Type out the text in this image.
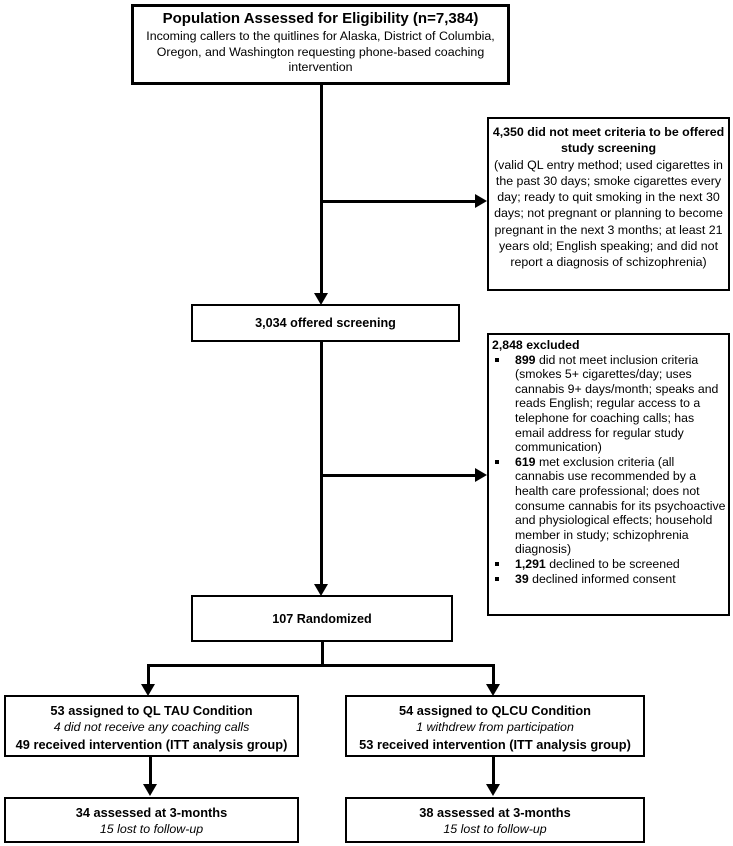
Population Assessed for Eligibility (n=7,384)
Incoming callers to the quitlines for Alaska, District of Columbia, Oregon, and Washington requesting phone-based coaching intervention
4,350 did not meet criteria to be offered study screening
(valid QL entry method; used cigarettes in the past 30 days; smoke cigarettes every day; ready to quit smoking in the next 30 days; not pregnant or planning to become pregnant in the next 3 months; at least 21 years old; English speaking; and did not report a diagnosis of schizophrenia)
3,034 offered screening
2,848 excluded
899 did not meet inclusion criteria (smokes 5+ cigarettes/day; uses cannabis 9+ days/month; speaks and reads English; regular access to a telephone for coaching calls; has email address for regular study communication)
619 met exclusion criteria (all cannabis use recommended by a health care professional; does not consume cannabis for its psychoactive and physiological effects; household member in study; schizophrenia diagnosis)
1,291 declined to be screened
39 declined informed consent
107 Randomized
53 assigned to QL TAU Condition
4 did not receive any coaching calls
49 received intervention (ITT analysis group)
54 assigned to QLCU Condition
1 withdrew from participation
53 received intervention (ITT analysis group)
34 assessed at 3-months
15 lost to follow-up
38 assessed at 3-months
15 lost to follow-up
